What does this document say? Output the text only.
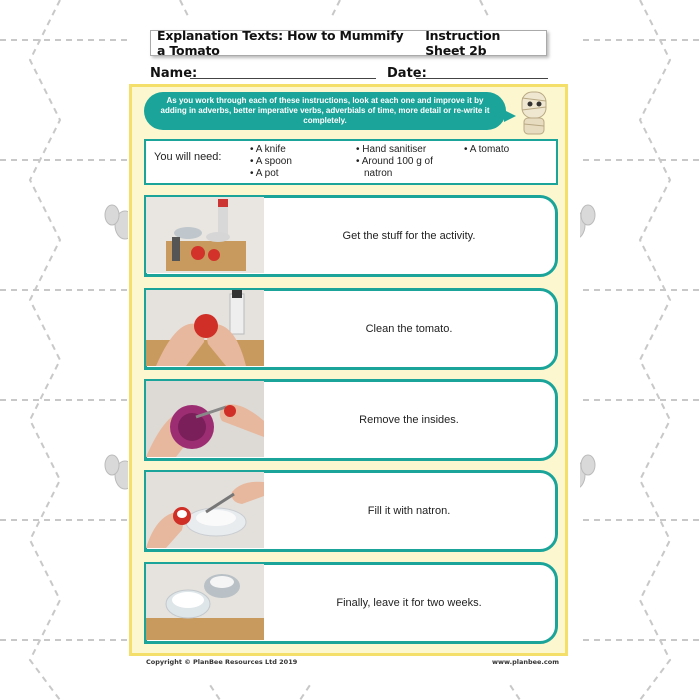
Explanation Texts: How to Mummify a Tomato
Instruction Sheet 2b
Name:	Date:
As you work through each of these instructions, look at each one and improve it by adding in adverbs, better imperative verbs, adverbials of time, more detail or re-write it completely.
You will need:
• A knife
• A spoon
• A pot
• Hand sanitiser
• Around 100 g of
natron
• A tomato
Get the stuff for the activity.
Clean the tomato.
Remove the insides.
Fill it with natron.
Finally, leave it for two weeks.
Copyright © PlanBee Resources Ltd 2019	www.planbee.com
